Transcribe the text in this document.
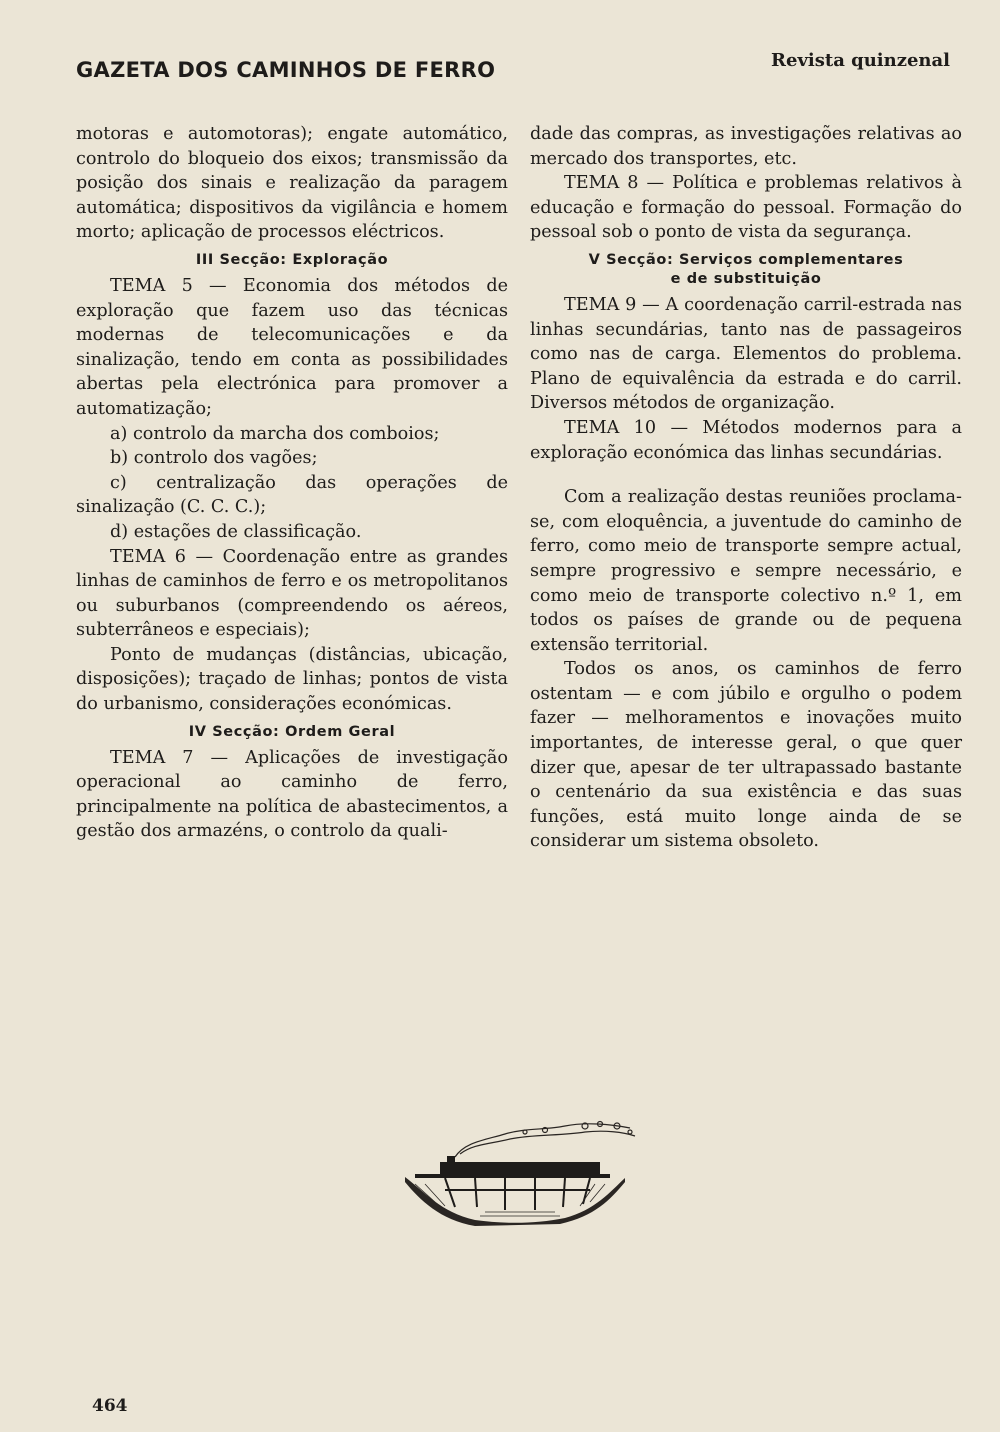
GAZETA DOS CAMINHOS DE FERRO	Revista quinzenal

motoras e automotoras); engate automático, controlo do bloqueio dos eixos; transmissão da posição dos sinais e realização da paragem automática; dispositivos da vigilância e homem morto; aplicação de processos eléctricos.

III Secção: Exploração

TEMA 5 — Economia dos métodos de exploração que fazem uso das técnicas modernas de telecomunicações e da sinalização, tendo em conta as possibilidades abertas pela electrónica para promover a automatização;

a) controlo da marcha dos comboios;

b) controlo dos vagões;

c) centralização das operações de sinalização (C. C. C.);

d) estações de classificação.

TEMA 6 — Coordenação entre as grandes linhas de caminhos de ferro e os metropolitanos ou suburbanos (compreendendo os aéreos, subterrâneos e especiais);

Ponto de mudanças (distâncias, ubicação, disposições); traçado de linhas; pontos de vista do urbanismo, considerações económicas.

IV Secção: Ordem Geral

TEMA 7 — Aplicações de investigação operacional ao caminho de ferro, principalmente na política de abastecimentos, a gestão dos armazéns, o controlo da quali-

dade das compras, as investigações relativas ao mercado dos transportes, etc.

TEMA 8 — Política e problemas relativos à educação e formação do pessoal. Formação do pessoal sob o ponto de vista da segurança.

V Secção: Serviços complementares
e de substituição

TEMA 9 — A coordenação carril-estrada nas linhas secundárias, tanto nas de passageiros como nas de carga. Elementos do problema. Plano de equivalência da estrada e do carril. Diversos métodos de organização.

TEMA 10 — Métodos modernos para a exploração económica das linhas secundárias.

Com a realização destas reuniões proclama-se, com eloquência, a juventude do caminho de ferro, como meio de transporte sempre actual, sempre progressivo e sempre necessário, e como meio de transporte colectivo n.º 1, em todos os países de grande ou de pequena extensão territorial.

Todos os anos, os caminhos de ferro ostentam — e com júbilo e orgulho o podem fazer — melhoramentos e inovações muito importantes, de interesse geral, o que quer dizer que, apesar de ter ultrapassado bastante o centenário da sua existência e das suas funções, está muito longe ainda de se considerar um sistema obsoleto.

464
